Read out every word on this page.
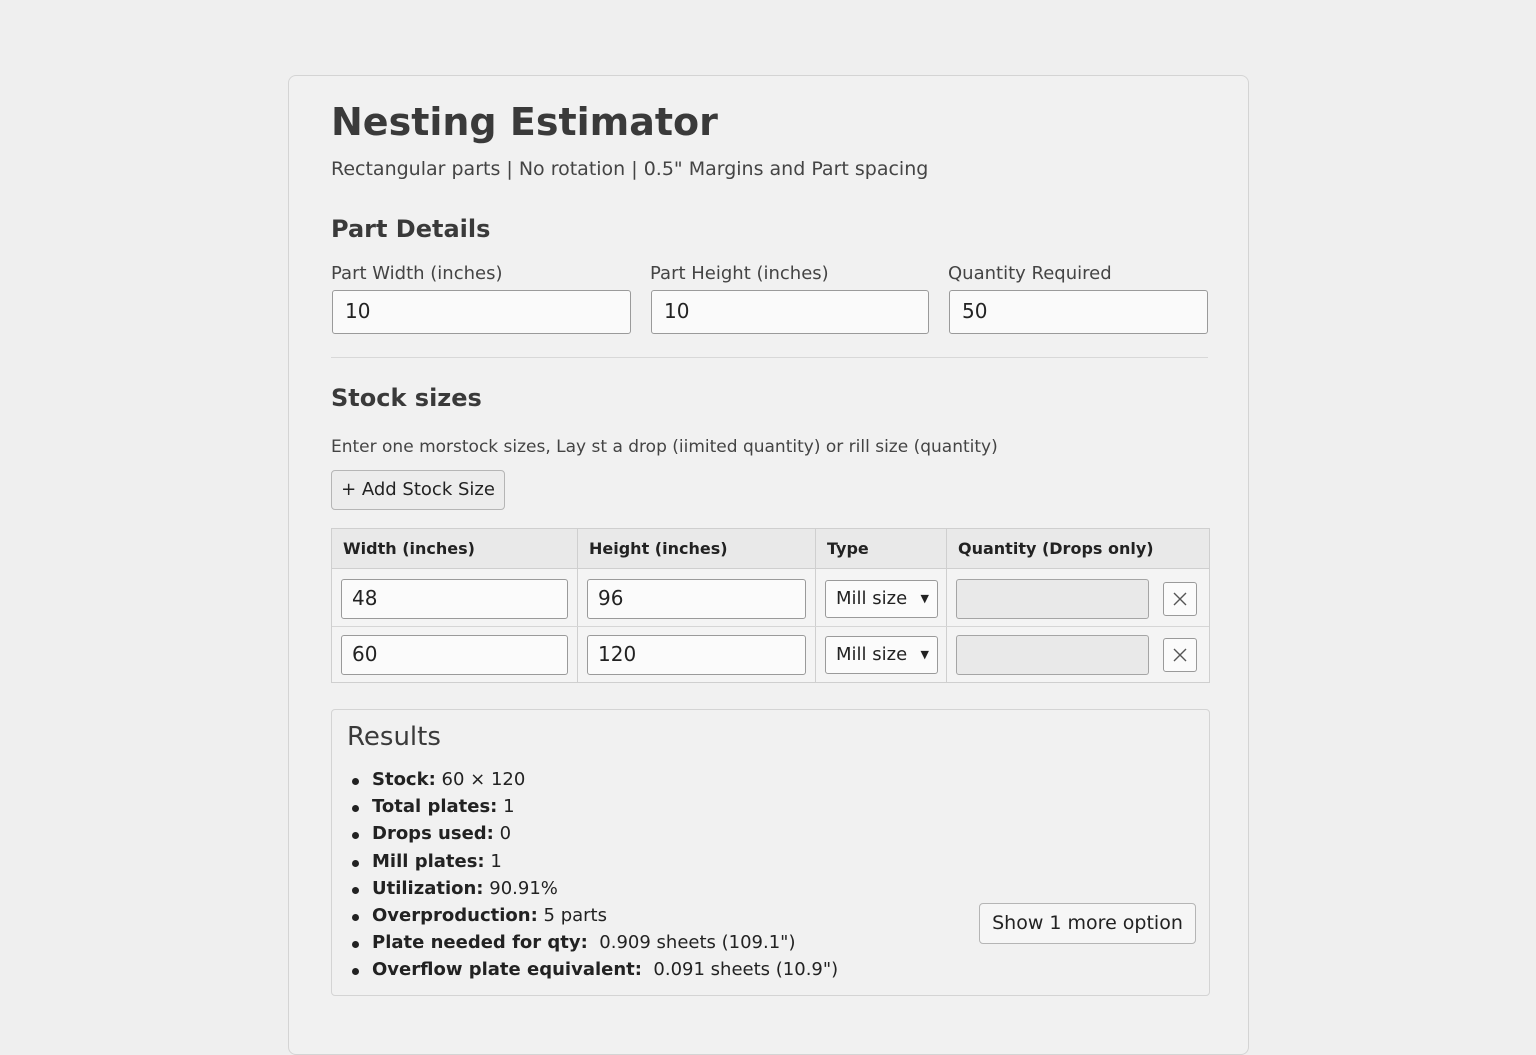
Nesting Estimator
Rectangular parts | No rotation | 0.5" Margins and Part spacing
Part Details
Part Width (inches)
10
Part Height (inches)
10
Quantity Required
50
Stock sizes
Enter one morstock sizes, Lay st a drop (iimited quantity) or rill size (quantity)
+ Add Stock Size
Width (inches)	Height (inches)	Type	Quantity (Drops only)
48	96	Mill size ▼
60	120	Mill size ▼
Results
Stock: 60 × 120
Total plates: 1
Drops used: 0
Mill plates: 1
Utilization: 90.91%
Overproduction: 5 parts
Plate needed for qty: 0.909 sheets (109.1")
Overflow plate equivalent: 0.091 sheets (10.9")
Show 1 more option
